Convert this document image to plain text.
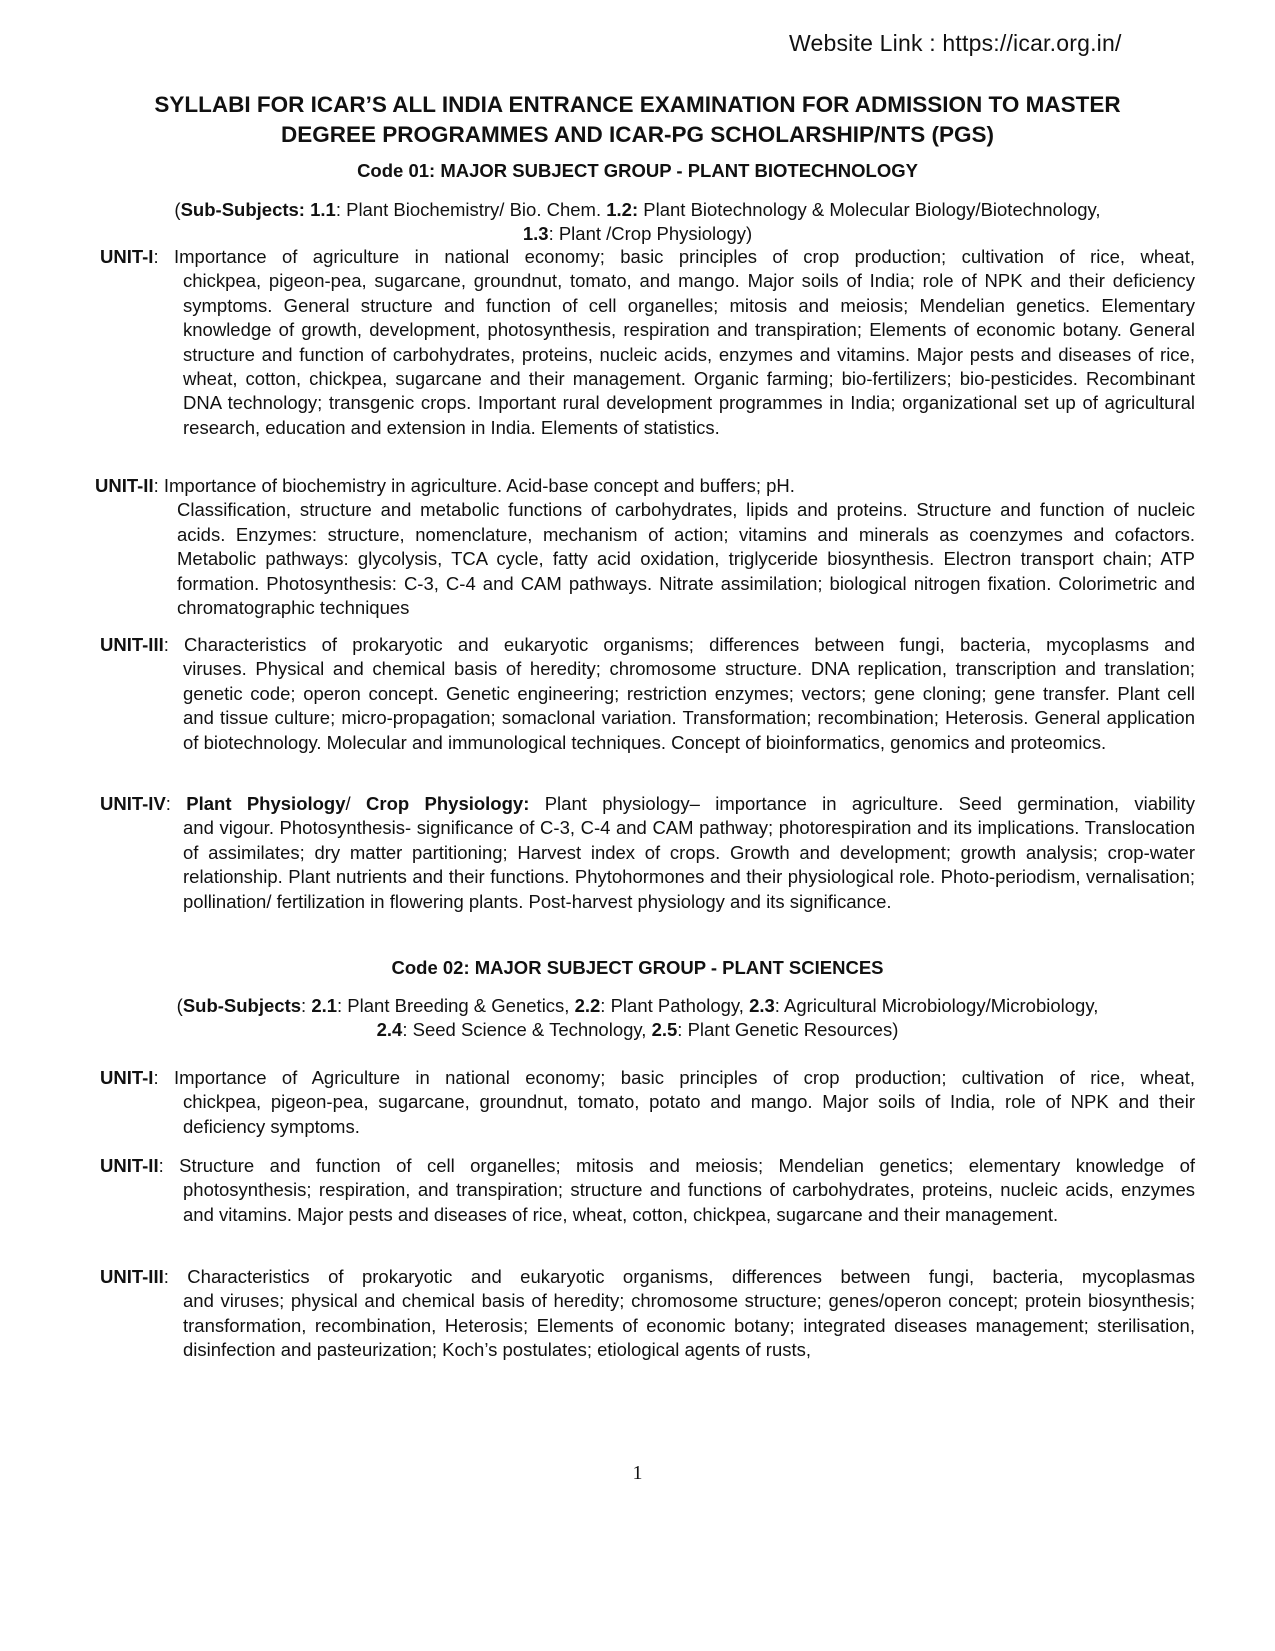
Website Link : https://icar.org.in/
SYLLABI FOR ICAR’S ALL INDIA ENTRANCE EXAMINATION FOR ADMISSION TO MASTER
DEGREE PROGRAMMES AND ICAR-PG SCHOLARSHIP/NTS (PGS)
Code 01: MAJOR SUBJECT GROUP - PLANT BIOTECHNOLOGY
(Sub-Subjects: 1.1: Plant Biochemistry/ Bio. Chem. 1.2: Plant Biotechnology & Molecular Biology/Biotechnology,
1.3: Plant /Crop Physiology)
UNIT-I: Importance of agriculture in national economy; basic principles of crop production; cultivation of rice, wheat,
chickpea, pigeon-pea, sugarcane, groundnut, tomato, and mango. Major soils of India; role of NPK and their deficiency symptoms. General structure and function of cell organelles; mitosis and meiosis; Mendelian genetics. Elementary knowledge of growth, development, photosynthesis, respiration and transpiration; Elements of economic botany. General structure and function of carbohydrates, proteins, nucleic acids, enzymes and vitamins. Major pests and diseases of rice, wheat, cotton, chickpea, sugarcane and their management. Organic farming; bio-fertilizers; bio-pesticides. Recombinant DNA technology; transgenic crops. Important rural development programmes in India; organizational set up of agricultural research, education and extension in India. Elements of statistics.
UNIT-II: Importance of biochemistry in agriculture. Acid-base concept and buffers; pH.
Classification, structure and metabolic functions of carbohydrates, lipids and proteins. Structure and function of nucleic acids. Enzymes: structure, nomenclature, mechanism of action; vitamins and minerals as coenzymes and cofactors. Metabolic pathways: glycolysis, TCA cycle, fatty acid oxidation, triglyceride biosynthesis. Electron transport chain; ATP formation. Photosynthesis: C-3, C-4 and CAM pathways. Nitrate assimilation; biological nitrogen fixation. Colorimetric and chromatographic techniques
UNIT-III: Characteristics of prokaryotic and eukaryotic organisms; differences between fungi, bacteria, mycoplasms and
viruses. Physical and chemical basis of heredity; chromosome structure. DNA replication, transcription and translation; genetic code; operon concept. Genetic engineering; restriction enzymes; vectors; gene cloning; gene transfer. Plant cell and tissue culture; micro-propagation; somaclonal variation. Transformation; recombination; Heterosis. General application of biotechnology. Molecular and immunological techniques. Concept of bioinformatics, genomics and proteomics.
UNIT-IV: Plant Physiology/ Crop Physiology: Plant physiology– importance in agriculture. Seed germination, viability
and vigour. Photosynthesis- significance of C-3, C-4 and CAM pathway; photorespiration and its implications. Translocation of assimilates; dry matter partitioning; Harvest index of crops. Growth and development; growth analysis; crop-water relationship. Plant nutrients and their functions. Phytohormones and their physiological role. Photo-periodism, vernalisation; pollination/ fertilization in flowering plants. Post-harvest physiology and its significance.
Code 02: MAJOR SUBJECT GROUP - PLANT SCIENCES
(Sub-Subjects: 2.1: Plant Breeding & Genetics, 2.2: Plant Pathology, 2.3: Agricultural Microbiology/Microbiology,
2.4: Seed Science & Technology, 2.5: Plant Genetic Resources)
UNIT-I: Importance of Agriculture in national economy; basic principles of crop production; cultivation of rice, wheat,
chickpea, pigeon-pea, sugarcane, groundnut, tomato, potato and mango. Major soils of India, role of NPK and their deficiency symptoms.
UNIT-II: Structure and function of cell organelles; mitosis and meiosis; Mendelian genetics; elementary knowledge of
photosynthesis; respiration, and transpiration; structure and functions of carbohydrates, proteins, nucleic acids, enzymes and vitamins. Major pests and diseases of rice, wheat, cotton, chickpea, sugarcane and their management.
UNIT-III: Characteristics of prokaryotic and eukaryotic organisms, differences between fungi, bacteria, mycoplasmas
and viruses; physical and chemical basis of heredity; chromosome structure; genes/operon concept; protein biosynthesis; transformation, recombination, Heterosis; Elements of economic botany; integrated diseases management; sterilisation, disinfection and pasteurization; Koch’s postulates; etiological agents of rusts,
1
